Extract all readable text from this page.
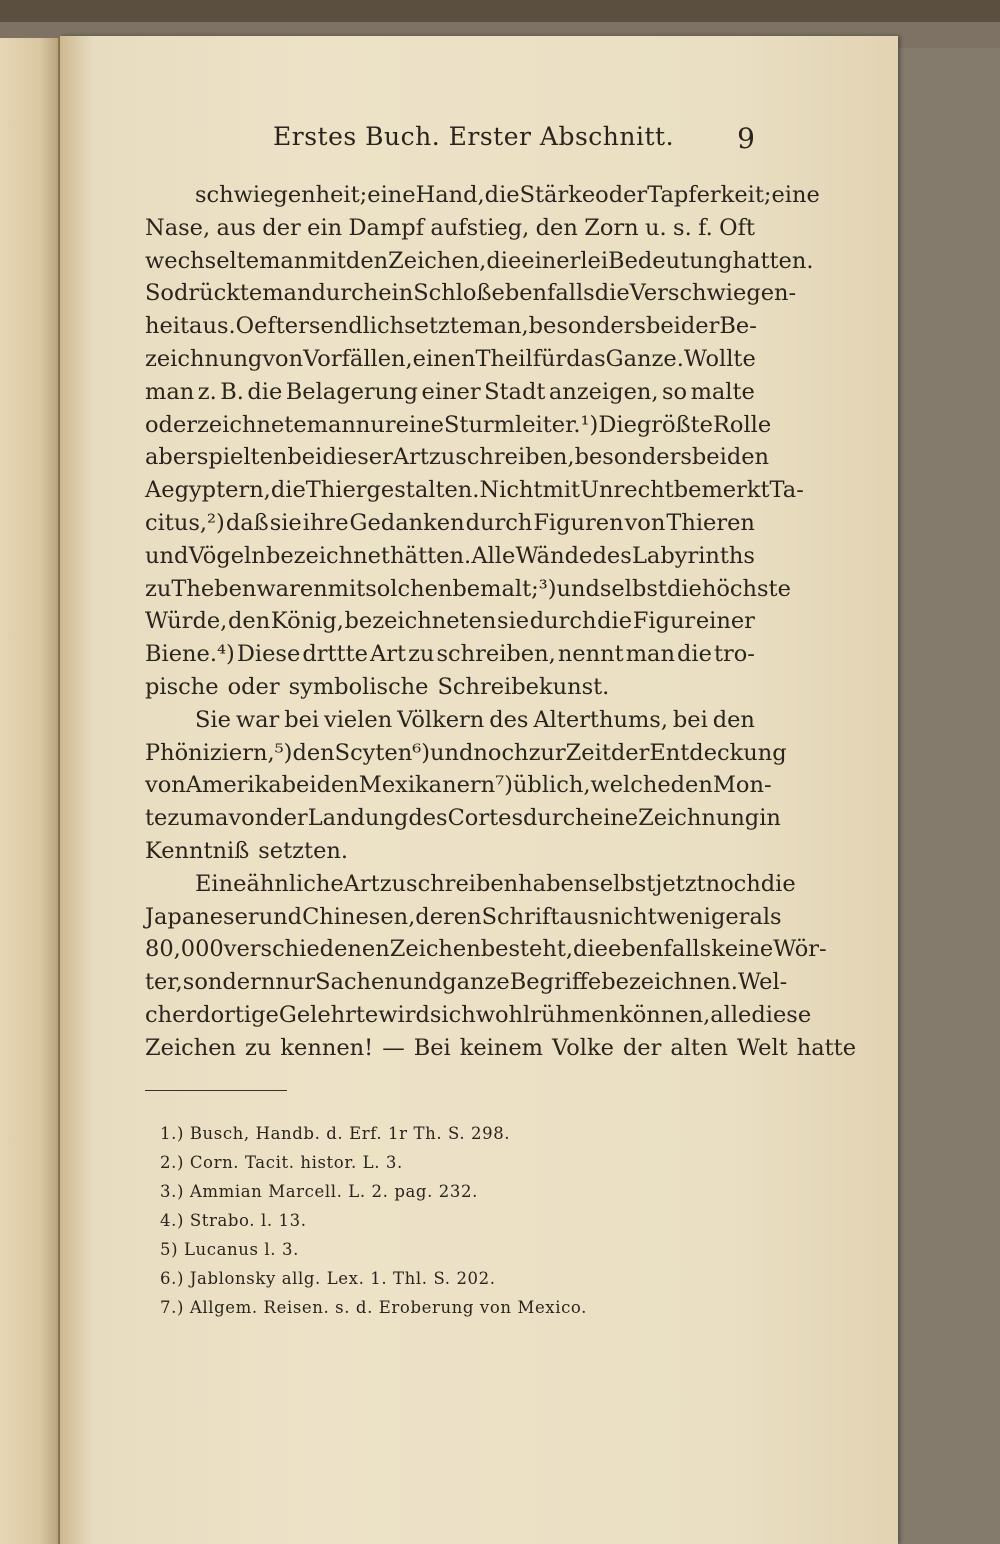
Erstes Buch. Erster Abschnitt. 9
schwiegenheit; eine Hand, die Stärke oder Tapferkeit; eine
Nase, aus der ein Dampf aufstieg, den Zorn u. s. f. Oft
wechselte man mit den Zeichen, die einerlei Bedeutung hatten.
So drückte man durch ein Schloß ebenfalls die Verschwiegen-
heit aus. Oefters endlich setzte man, besonders bei der Be-
zeichnung von Vorfällen, einen Theil für das Ganze. Wollte
man z. B. die Belagerung einer Stadt anzeigen, so malte
oder zeichnete man nur eine Sturmleiter.¹) Die größte Rolle
aber spielten bei dieser Art zu schreiben, besonders bei den
Aegyptern, die Thiergestalten. Nicht mit Unrecht bemerkt Ta-
citus,²) daß sie ihre Gedanken durch Figuren von Thieren
und Vögeln bezeichnet hätten. Alle Wände des Labyrinths
zu Theben waren mit solchen bemalt;³) und selbst die höchste
Würde, den König, bezeichneten sie durch die Figur einer
Biene.⁴) Diese drttte Art zu schreiben, nennt man die tro-
pische oder symbolische Schreibekunst.
Sie war bei vielen Völkern des Alterthums, bei den
Phöniziern,⁵) den Scyten⁶) und noch zur Zeit der Entdeckung
von Amerika bei den Mexikanern⁷) üblich, welche den Mon-
tezuma von der Landung des Cortes durch eine Zeichnung in
Kenntniß setzten.
Eine ähnliche Art zu schreiben haben selbst jetzt noch die
Japaneser und Chinesen, deren Schrift aus nicht weniger als
80,000 verschiedenen Zeichen besteht, die ebenfalls keine Wör-
ter, sondern nur Sachen und ganze Begriffe bezeichnen. Wel-
cher dortige Gelehrte wird sich wohl rühmen können, alle diese
Zeichen zu kennen! — Bei keinem Volke der alten Welt hatte
1.) Busch, Handb. d. Erf. 1r Th. S. 298.
2.) Corn. Tacit. histor. L. 3.
3.) Ammian Marcell. L. 2. pag. 232.
4.) Strabo. l. 13.
5) Lucanus l. 3.
6.) Jablonsky allg. Lex. 1. Thl. S. 202.
7.) Allgem. Reisen. s. d. Eroberung von Mexico.
